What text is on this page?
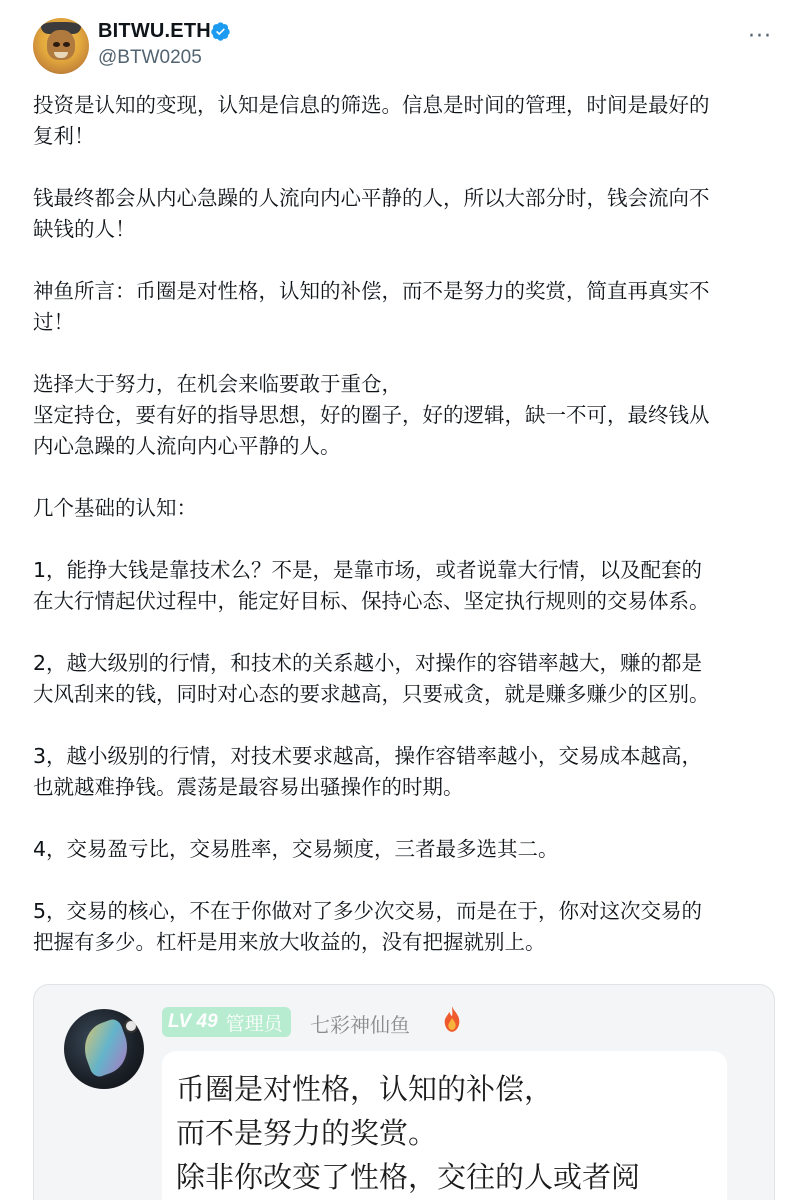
BITWU.ETH
@BTW0205
···

投资是认知的变现，认知是信息的筛选。信息是时间的管理，时间是最好的
复利！

钱最终都会从内心急躁的人流向内心平静的人，所以大部分时，钱会流向不
缺钱的人！

神鱼所言：币圈是对性格，认知的补偿，而不是努力的奖赏，简直再真实不
过！

选择大于努力，在机会来临要敢于重仓，
坚定持仓，要有好的指导思想，好的圈子，好的逻辑，缺一不可，最终钱从
内心急躁的人流向内心平静的人。

几个基础的认知：

1，能挣大钱是靠技术么？不是，是靠市场，或者说靠大行情，以及配套的
在大行情起伏过程中，能定好目标、保持心态、坚定执行规则的交易体系。

2，越大级别的行情，和技术的关系越小，对操作的容错率越大，赚的都是
大风刮来的钱，同时对心态的要求越高，只要戒贪，就是赚多赚少的区别。

3，越小级别的行情，对技术要求越高，操作容错率越小，交易成本越高，
也就越难挣钱。震荡是最容易出骚操作的时期。

4，交易盈亏比，交易胜率，交易频度，三者最多选其二。

5，交易的核心，不在于你做对了多少次交易，而是在于，你对这次交易的
把握有多少。杠杆是用来放大收益的，没有把握就别上。

LV 49 管理员 七彩神仙鱼
币圈是对性格，认知的补偿，
而不是努力的奖赏。
除非你改变了性格，交往的人或者阅
